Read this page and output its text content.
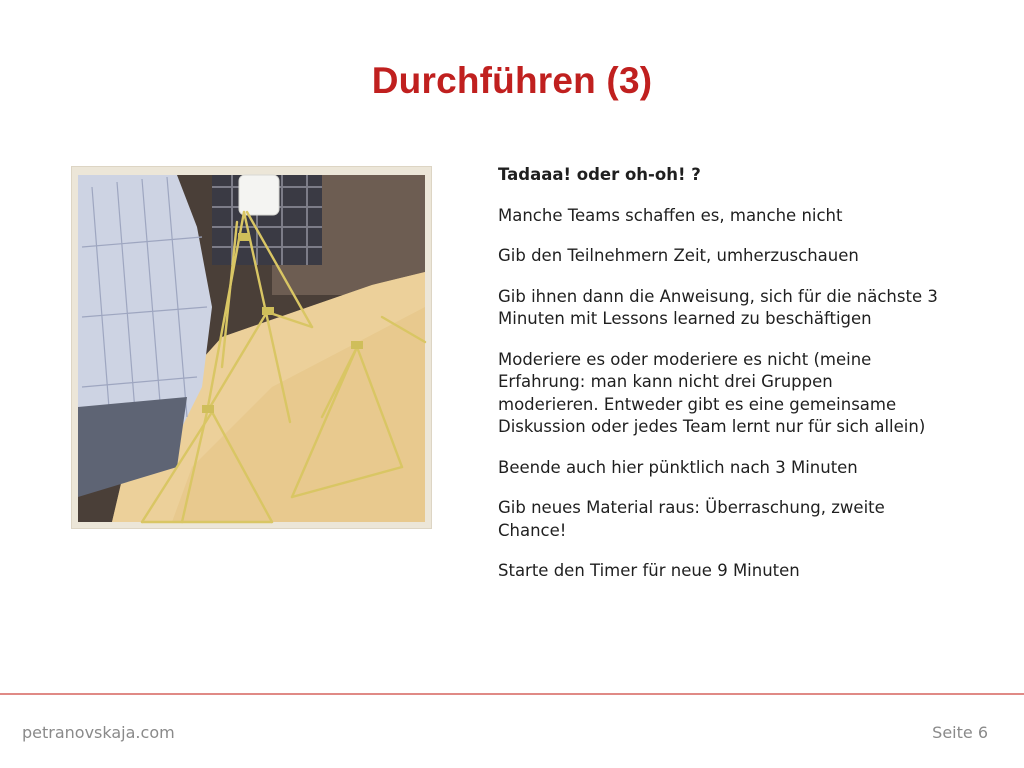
Durchführen (3)
Tadaaa! oder oh-oh! ?

Manche Teams schaffen es, manche nicht

Gib den Teilnehmern Zeit, umherzuschauen

Gib ihnen dann die Anweisung, sich für die nächste 3 Minuten mit Lessons learned zu beschäftigen

Moderiere es oder moderiere es nicht (meine Erfahrung: man kann nicht drei Gruppen moderieren. Entweder gibt es eine gemeinsame Diskussion oder jedes Team lernt nur für sich allein)

Beende auch hier pünktlich nach 3 Minuten

Gib neues Material raus: Überraschung, zweite Chance!

Starte den Timer für neue 9 Minuten

petranovskaja.com	Seite 6
